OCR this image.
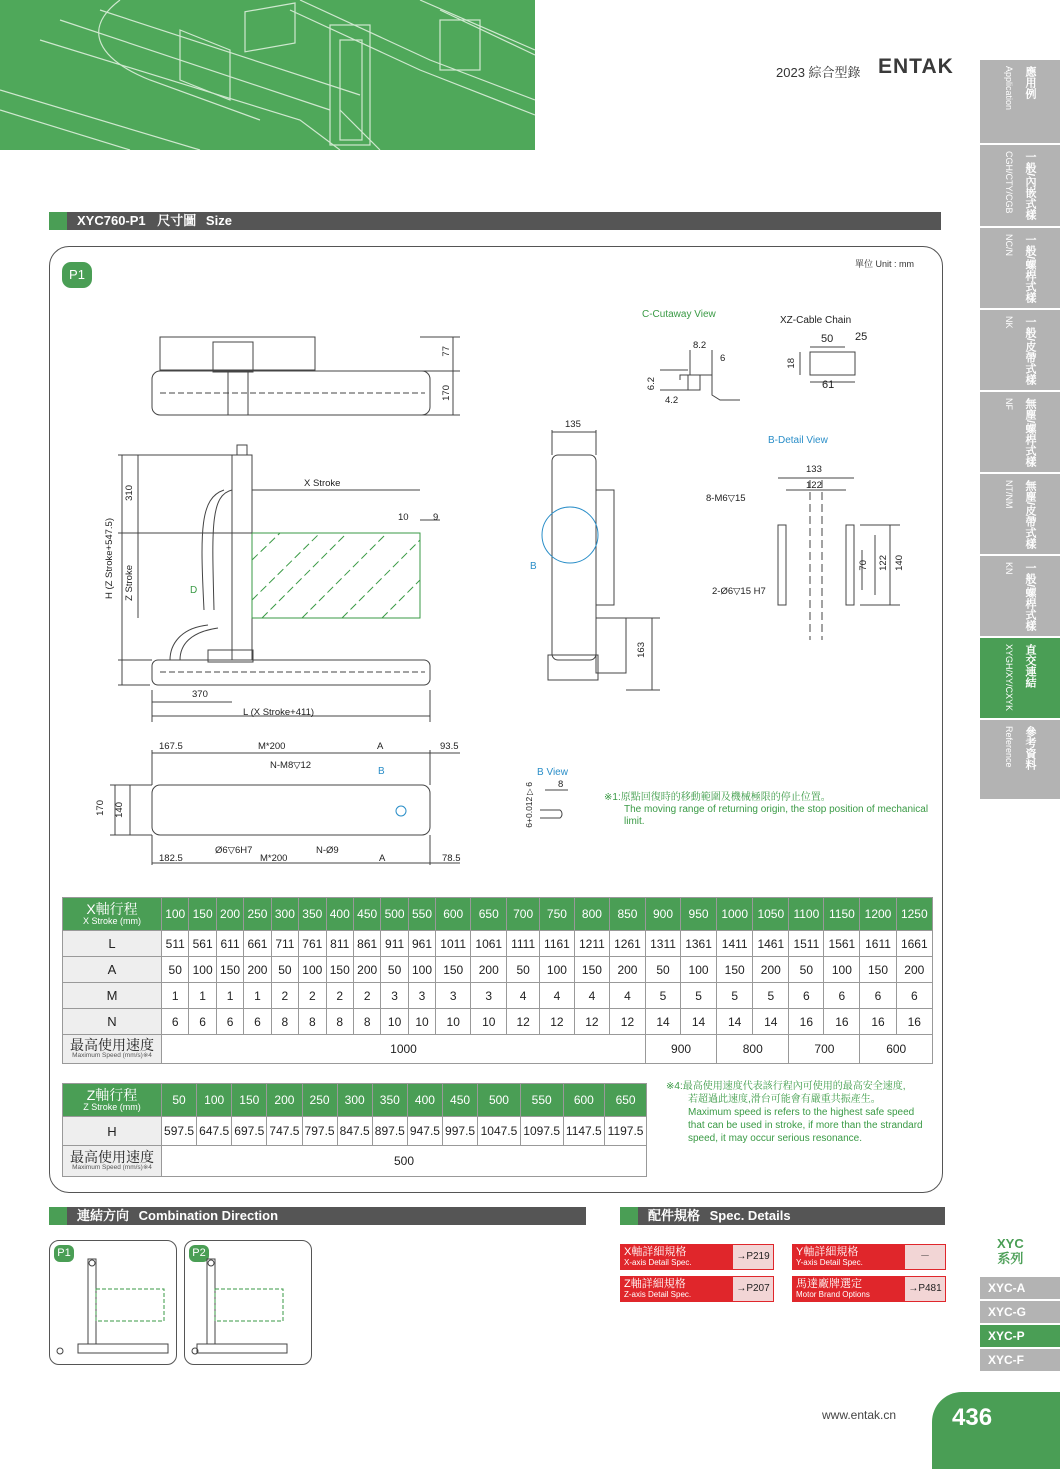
2023 綜合型錄 ENTAK
XYC760-P1 尺寸圖 Size
P1
單位 Unit : mm
77
170
X Stroke
10	9
H (Z Stroke+547.5)
310
Z Stroke	D
370
L (X Stroke+411)
135
B
163
C-Cutaway View
8.2
6
6.2
4.2
XZ-Cable Chain
50 25
18
61
B-Detail View
133
122
8-M6▽15
2-Ø6▽15 H7
70 122 140
167.5	M*200	A	93.5
N-M8▽12
B
170 140
Ø6▽6H7	N-Ø9
182.5	M*200	A	78.5
B View
8
6+0.012▽6	※1:原點回復時的移動範圍及機械極限的停止位置。
The moving range of returning origin, the stop position of mechanical limit.
X軸行程
X Stroke (mm)	100	150	200	250	300	350	400	450	500	550	600	650	700	750	800	850	900	950	1000	1050	1100	1150	1200	1250
L	511	561	611	661	711	761	811	861	911	961	1011	1061	1111	1161	1211	1261	1311	1361	1411	1461	1511	1561	1611	1661
A	50	100	150	200	50	100	150	200	50	100	150	200	50	100	150	200	50	100	150	200	50	100	150	200
M	1	1	1	1	2	2	2	2	3	3	3	3	4	4	4	4	5	5	5	5	6	6	6	6
N	6	6	6	6	8	8	8	8	10	10	10	10	12	12	12	12	14	14	14	14	16	16	16	16

最高使用速度
Maximum Speed (mm/s)※4	1000																900		800		700		600	
Z軸行程
Z Stroke (mm)	50	100	150	200	250	300	350	400	450	500	550	600	650
H	597.5	647.5	697.5	747.5	797.5	847.5	897.5	947.5	997.5	1047.5	1097.5	1147.5	1197.5

最高使用速度
Maximum Speed (mm/s)※4	500												
※4:最高使用速度代表該行程內可使用的最高安全速度,
若超過此速度,滑台可能會有嚴重共振產生。
Maximum speed is refers to the highest safe speed
that can be used in stroke, if more than the strandard
speed, it may occur serious resonance.
連結方向 Combination Direction
P1	P2
配件規格 Spec. Details
X軸詳細規格
X-axis Detail Spec.
→P219	Y軸詳細規格
Y-axis Detail Spec.
－
Z軸詳細規格
Z-axis Detail Spec.
→P207	馬達廠牌選定
Motor Brand Options
→P481
應用例
Application
一般/內嵌式樣
CGH/CTY/CGB
一般/螺桿式樣
NC/N
一般/皮帶式樣
NK
無塵/螺桿式樣
NF
無塵/皮帶式樣
NT/NM
一般/螺桿式樣
KN
直交連結
XYGH/XY/CXYK
參考資料
Reference
XYC
系列
XYC-A
XYC-G
XYC-P
XYC-F
www.entak.cn 436
